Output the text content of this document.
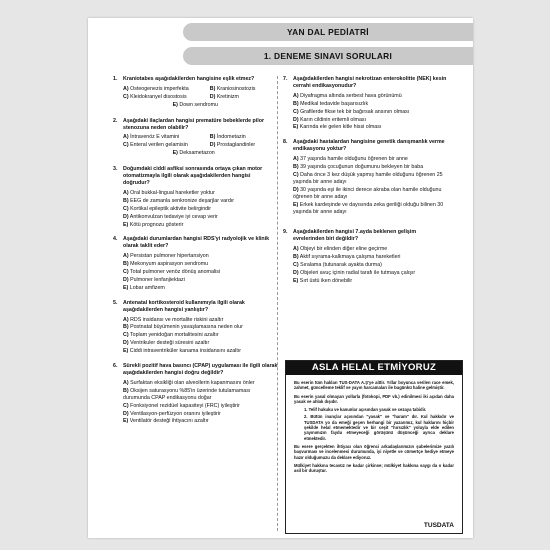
YAN DAL PEDİATRİ
1. DENEME SINAVI SORULARI
1. Kraniotabes aşağıdakilerden hangisine eşlik etmez?
A) Osteogenezis imperfekta	B) Kraniosinostozis
C) Kleidokranyel disostosis	D) Kretinizm
E) Down sendromu
2. Aşağıdaki ilaçlardan hangisi prematüre bebeklerde pilor stenozuna neden olabilir?
A) İntravenöz E vitamini	B) İndometazin
C) Enteral verilen gelamisin	D) Prostaglandinler
E) Deksametazon
3. Doğumdaki ciddi asfiksi sonrasında ortaya çıkan motor otomatizmayla ilgili olarak aşağıdakilerden hangisi doğrudur?
A) Oral bukkal-lingual hareketler yoktur
B) EEG de zamanla senkronize deşarjlar vardır
C) Kortikal epileptik aktivite belirgindir
D) Antikonvulzan tedaviye iyi cevap verir
E) Kötü prognozu gösterir
4. Aşağıdaki durumlardan hangisi RDS'yi radyolojik ve klinik olarak taklit eder?
A) Persistan pulmoner hipertansiyon
B) Mekonyum aspirasyon sendromu
C) Total pulmoner venöz dönüş anomalisi
D) Pulmoner lenfanjiektazi
E) Lobar amfizem
5. Antenatal kortikosteroid kullanımıyla ilgili olarak aşağıdakilerden hangisi yanlıştır?
A) RDS insidansı ve mortalite riskini azaltır
B) Postnatal büyümenin yavaşlamasına neden olur
C) Toplam yenidoğan mortalitesini azaltır
D) Ventrikuler desteği süresini azaltır
E) Ciddi intraventriküler kanama insidansını azaltır
6. Sürekli pozitif hava basıncı (CPAP) uygulaması ile ilgili olarak aşağıdakilerden hangisi doğru değildir?
A) Surfaktan eksikliği olan alveollerin kapanmasını önler
B) Oksijen saturasyonu %85'in üzerinde tutulamaması durumunda CPAP endikasyonu doğar
C) Fonksiyonel rezidüel kapasiteyi (FRC) iyileştirir
D) Ventilasyon-perfüzyon oranını iyileştirir
E) Ventilatör desteği ihtiyacını azaltır
7. Aşağıdakilerden hangisi nekrotizan enterokolitte (NEK) kesin cerrahi endikasyonudur?
A) Diyafragma altında serbest hava görünümü
B) Medikal tedavide başarısızlık
C) Grafilerde fikse tek bir bağırsak ansının olması
D) Karın cildinin eritemli olması
E) Karında ele gelen kitle hissi olması
8. Aşağıdaki hastalardan hangisine genetik danışmanlık verme endikasyonu yoktur?
A) 37 yaşında hamile olduğunu öğrenen bir anne
B) 39 yaşında çocuğunun doğumunu bekleyen bir baba
C) Daha önce 3 kez düşük yapmış hamile olduğunu öğrenen 25 yaşında bir anne adayı
D) 30 yaşında eşi ile ikinci derece akraba olan hamile olduğunu öğrenen bir anne adayı
E) Erkek kardeşinde ve dayısında zeka geriliği olduğu bilinen 30 yaşında bir anne adayı
9. Aşağıdakilerden hangisi 7.ayda beklenen gelişim evrelerinden biri değildir?
A) Objeyi bir elinden diğer eline geçirme
B) Aktif sıyrama-kalkmaya çalışma hareketleri
C) Sıralama (tutunarak ayakta durma)
D) Objeleri avuç içinin radial tarafı ile tutmaya çalışır
E) Sırt üstü iken dönebilir
ASLA HELAL ETMİYORUZ

Bu eserin tüm hakları TUS-DATA A.Ş'ye aittir. Yıllar boyunca verilen race emek, zahmet, güncelleme teklif ve yayın harcamaları ile bugünkü haline gelmiştir.

Bu eserin yasal olmayan yollarla (fotokopi, PDF vb.) edinilmesi iki açıdan daha yasak ve ahlak dışıdır.

1. Telif hukuku ve kanunlar açısından yasak ve cezaya tabidir.
2. Bütün inançlar açısından "yasak" ve "haram" dır. Kul hakkıdır ve TUSDATA yo da emeği geçen herhangi bir yazarımız, kul haklarını hiçbir şekilde helal etmemektedir ve bir ceşit "hırsızlık" yoluyla elde edilen yayınımızın faydu etmeyeceği görüşünü düşünceği ayrıca deklare etmektedir.

Bu esere gerçekten ihtiyacı olan öğrenci arkadaşlarımızın şubelerimize yazılı başvurması ve incelenmesi durumunda, iyi niyetle ve cömertçe hediye etmeye hazır olduğumuzu da deklare ediyoruz.

Mülkiyet hakkına tecavüz ne kadar çirkinse; mülkiyet hakkına saygı da o kadar asil bir duruştur.

TUSDATA
